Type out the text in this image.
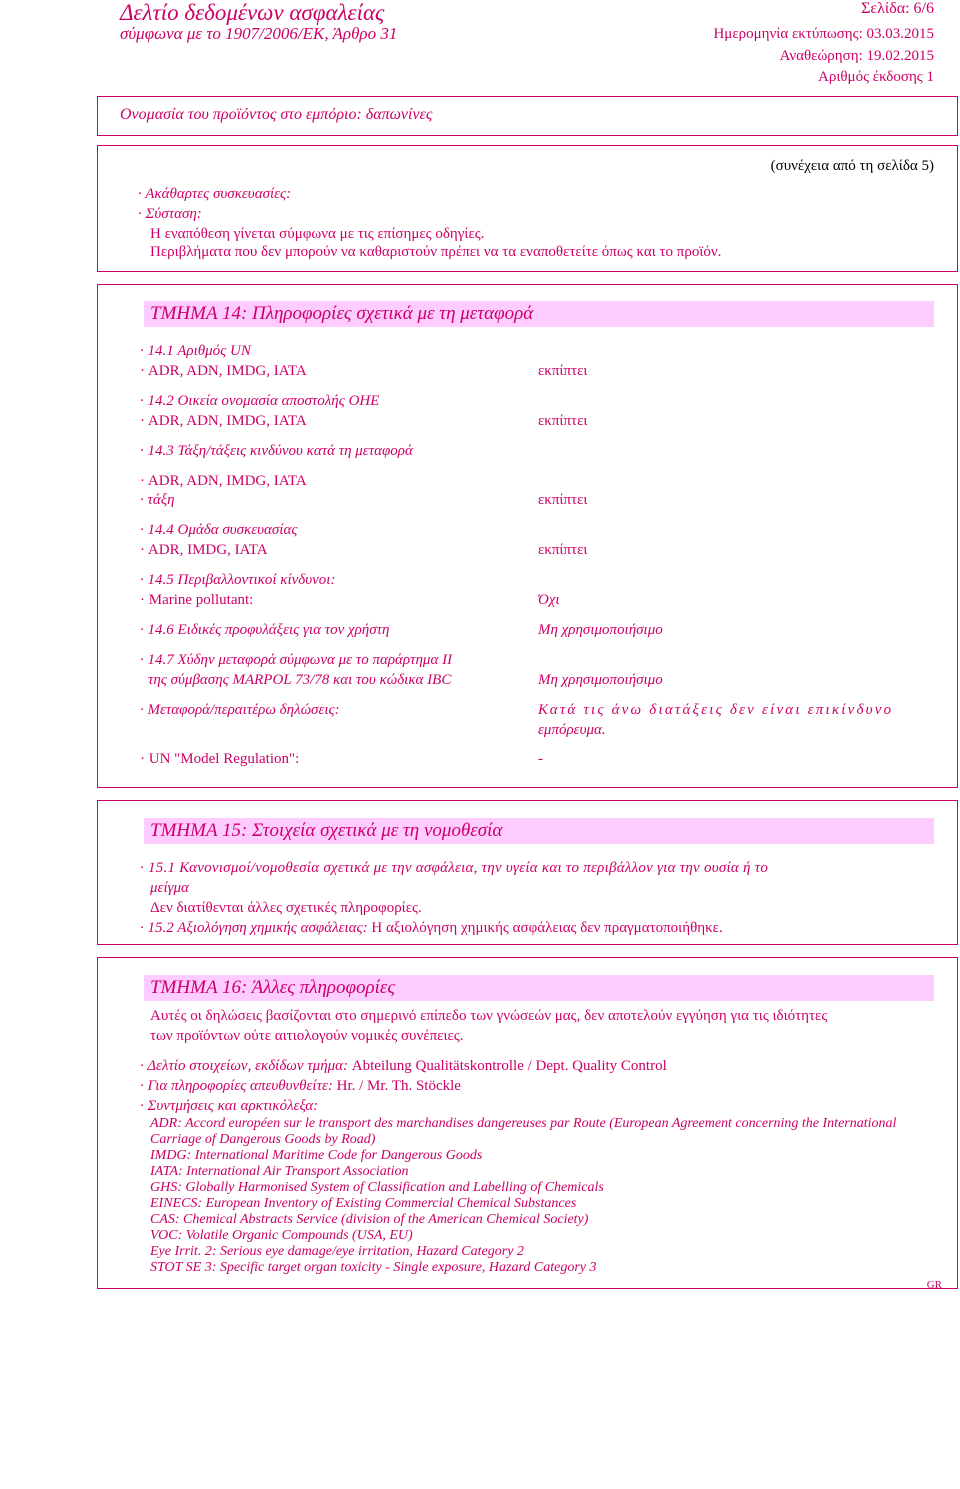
Δελτίο δεδομένων ασφαλείας
σύμφωνα με το 1907/2006/ΕΚ, Άρθρο 31
Σελίδα: 6/6
Ημερομηνία εκτύπωσης: 03.03.2015
Αναθεώρηση: 19.02.2015
Αριθμός έκδοσης 1
Ονομασία του προϊόντος στο εμπόριο: δαπωνίνες
(συνέχεια από τη σελίδα 5)
· Ακάθαρτες συσκευασίες:
· Σύσταση:
Η εναπόθεση γίνεται σύμφωνα με τις επίσημες οδηγίες.
Περιβλήματα που δεν μπορούν να καθαριστούν πρέπει να τα εναποθετείτε όπως και το προϊόν.
ΤΜΗΜΑ 14: Πληροφορίες σχετικά με τη μεταφορά
· 14.1 Αριθμός UN
· ADR, ADN, IMDG, IATA	εκπίπτει
· 14.2 Οικεία ονομασία αποστολής ΟΗΕ
· ADR, ADN, IMDG, IATA	εκπίπτει
· 14.3 Τάξη/τάξεις κινδύνου κατά τη μεταφορά
· ADR, ADN, IMDG, IATA
· τάξη	εκπίπτει
· 14.4 Ομάδα συσκευασίας
· ADR, IMDG, IATA	εκπίπτει
· 14.5 Περιβαλλοντικοί κίνδυνοι:
· Marine pollutant:	Όχι
· 14.6 Ειδικές προφυλάξεις για τον χρήστη	Μη χρησιμοποιήσιμο
· 14.7 Χύδην μεταφορά σύμφωνα με το παράρτημα II
της σύμβασης MARPOL 73/78 και του κώδικα IBC	Μη χρησιμοποιήσιμο
· Μεταφορά/περαιτέρω δηλώσεις:	Κατά τις άνω διατάξεις δεν είναι επικίνδυνο
εμπόρευμα.
· UN "Model Regulation":	-
ΤΜΗΜΑ 15: Στοιχεία σχετικά με τη νομοθεσία
· 15.1 Κανονισμοί/νομοθεσία σχετικά με την ασφάλεια, την υγεία και το περιβάλλον για την ουσία ή το
μείγμα
Δεν διατίθενται άλλες σχετικές πληροφορίες.
· 15.2 Αξιολόγηση χημικής ασφάλειας: Η αξιολόγηση χημικής ασφάλειας δεν πραγματοποιήθηκε.
ΤΜΗΜΑ 16: Άλλες πληροφορίες
Αυτές οι δηλώσεις βασίζονται στο σημερινό επίπεδο των γνώσεών μας, δεν αποτελούν εγγύηση για τις ιδιότητες
των προϊόντων ούτε αιτιολογούν νομικές συνέπειες.
· Δελτίο στοιχείων, εκδίδων τμήμα: Abteilung Qualitätskontrolle / Dept. Quality Control
· Για πληροφορίες απευθυνθείτε: Hr. / Mr. Th. Stöckle
· Συντμήσεις και αρκτικόλεξα:
ADR: Accord européen sur le transport des marchandises dangereuses par Route (European Agreement concerning the International
Carriage of Dangerous Goods by Road)
IMDG: International Maritime Code for Dangerous Goods
IATA: International Air Transport Association
GHS: Globally Harmonised System of Classification and Labelling of Chemicals
EINECS: European Inventory of Existing Commercial Chemical Substances
CAS: Chemical Abstracts Service (division of the American Chemical Society)
VOC: Volatile Organic Compounds (USA, EU)
Eye Irrit. 2: Serious eye damage/eye irritation, Hazard Category 2
STOT SE 3: Specific target organ toxicity - Single exposure, Hazard Category 3
GR
